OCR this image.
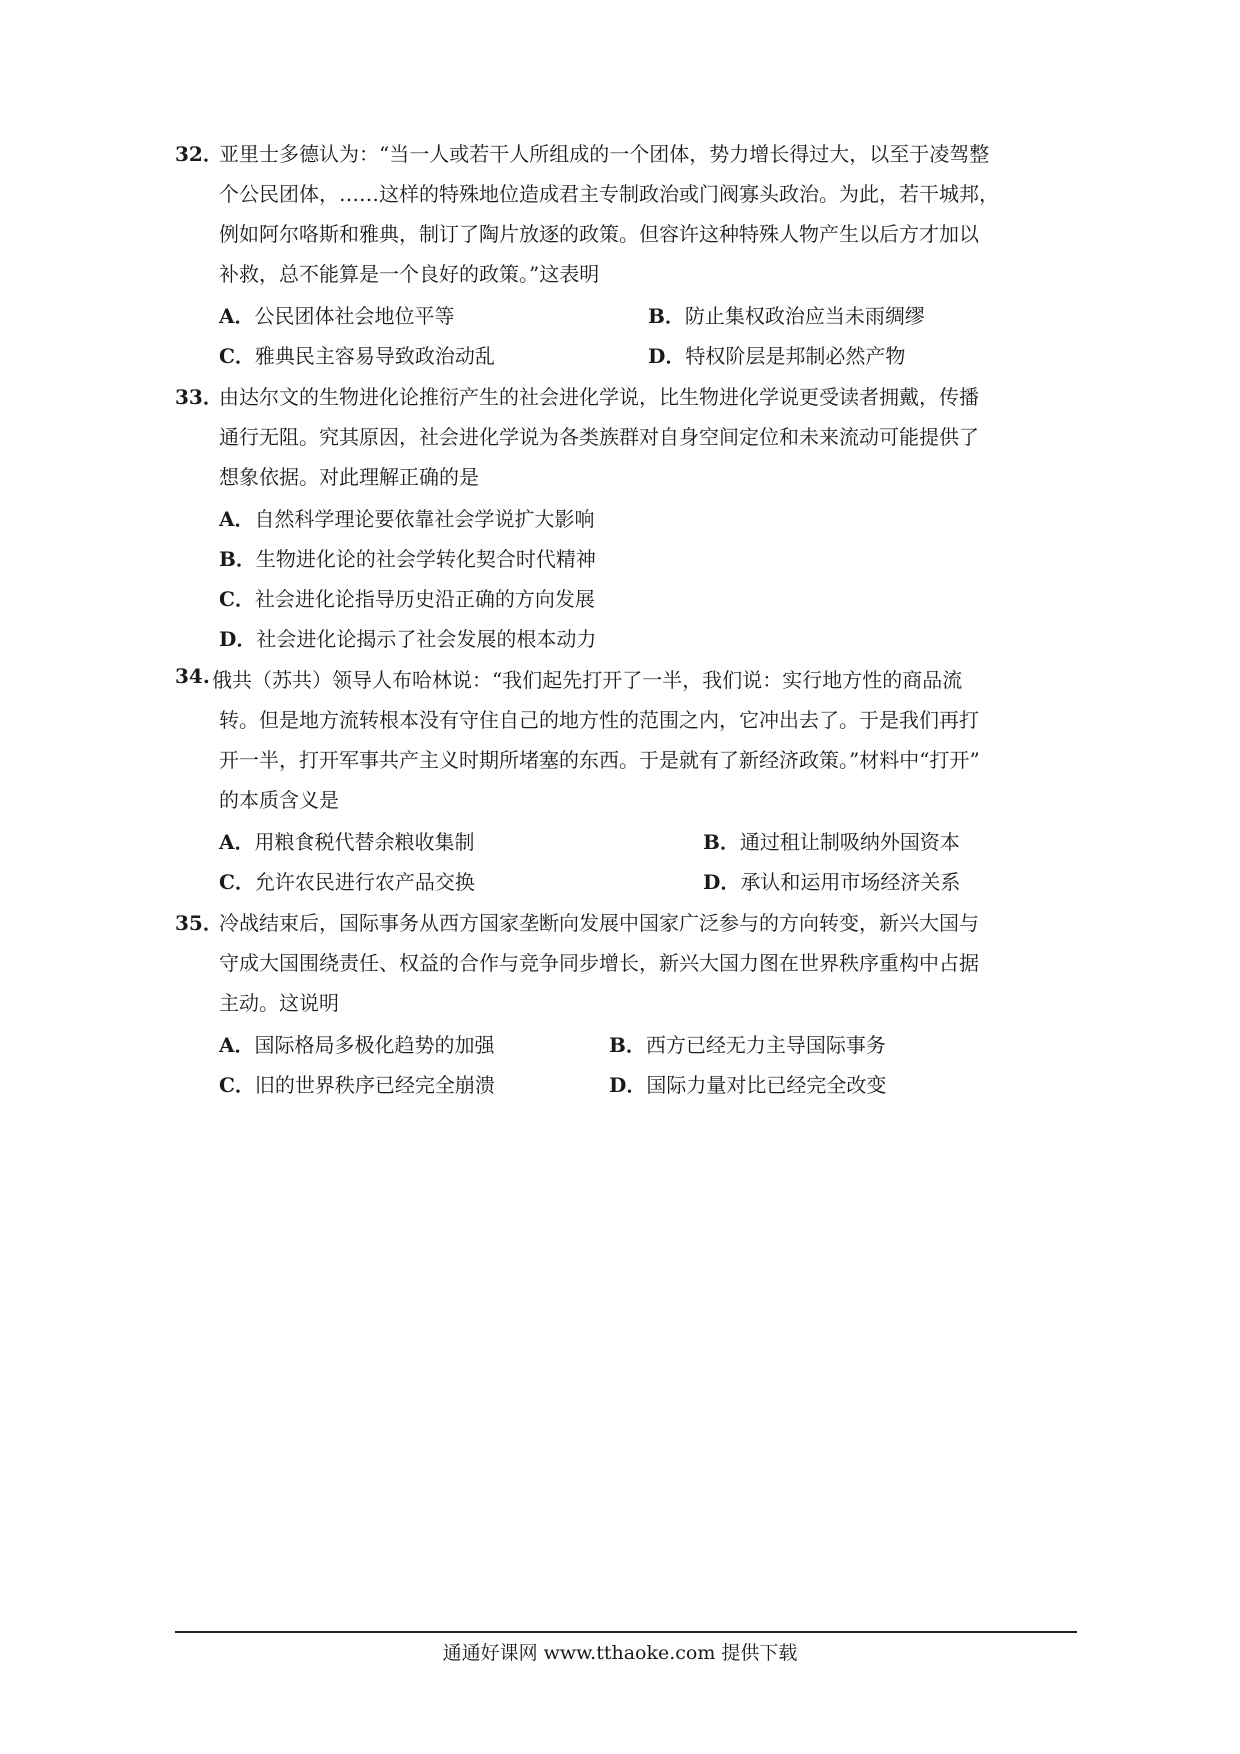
32．
亚里士多德认为：“当一人或若干人所组成的一个团体，势力增长得过大，以至于凌驾整
个公民团体，……这样的特殊地位造成君主专制政治或门阀寡头政治。为此，若干城邦，
例如阿尔咯斯和雅典，制订了陶片放逐的政策。但容许这种特殊人物产生以后方才加以
补救，总不能算是一个良好的政策。”这表明
A．公民团体社会地位平等	B．防止集权政治应当未雨绸缪
C．雅典民主容易导致政治动乱	D．特权阶层是邦制必然产物
33．
由达尔文的生物进化论推衍产生的社会进化学说，比生物进化学说更受读者拥戴，传播
通行无阻。究其原因，社会进化学说为各类族群对自身空间定位和未来流动可能提供了
想象依据。对此理解正确的是
A．自然科学理论要依靠社会学说扩大影响
B．生物进化论的社会学转化契合时代精神
C．社会进化论指导历史沿正确的方向发展
D．社会进化论揭示了社会发展的根本动力
34. 俄共（苏共）领导人布哈林说：“我们起先打开了一半，我们说：实行地方性的商品流
转。但是地方流转根本没有守住自己的地方性的范围之内，它冲出去了。于是我们再打
开一半，打开军事共产主义时期所堵塞的东西。于是就有了新经济政策。”材料中“打开”
的本质含义是
A．用粮食税代替余粮收集制	B．通过租让制吸纳外国资本
C．允许农民进行农产品交换	D．承认和运用市场经济关系
35．
冷战结束后，国际事务从西方国家垄断向发展中国家广泛参与的方向转变，新兴大国与
守成大国围绕责任、权益的合作与竞争同步增长，新兴大国力图在世界秩序重构中占据
主动。这说明
A．国际格局多极化趋势的加强	B．西方已经无力主导国际事务
C．旧的世界秩序已经完全崩溃	D．国际力量对比已经完全改变
通通好课网 www.tthaoke.com 提供下载
